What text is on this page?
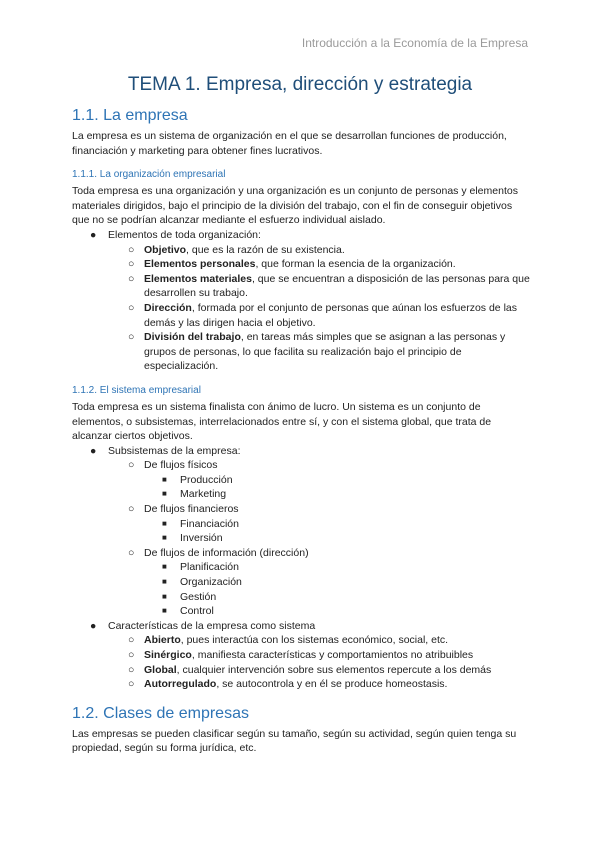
Introducción a la Economía de la Empresa
TEMA 1. Empresa, dirección y estrategia
1.1. La empresa

La empresa es un sistema de organización en el que se desarrollan funciones de producción, financiación y marketing para obtener fines lucrativos.

1.1.1. La organización empresarial

Toda empresa es una organización y una organización es un conjunto de personas y elementos materiales dirigidos, bajo el principio de la división del trabajo, con el fin de conseguir objetivos que no se podrían alcanzar mediante el esfuerzo individual aislado.

● Elementos de toda organización:
○ Objetivo, que es la razón de su existencia.
○ Elementos personales, que forman la esencia de la organización.
○ Elementos materiales, que se encuentran a disposición de las personas para que desarrollen su trabajo.
○ Dirección, formada por el conjunto de personas que aúnan los esfuerzos de las demás y las dirigen hacia el objetivo.
○ División del trabajo, en tareas más simples que se asignan a las personas y grupos de personas, lo que facilita su realización bajo el principio de especialización.
1.1.2. El sistema empresarial

Toda empresa es un sistema finalista con ánimo de lucro. Un sistema es un conjunto de elementos, o subsistemas, interrelacionados entre sí, y con el sistema global, que trata de alcanzar ciertos objetivos.

● Subsistemas de la empresa:
○ De flujos físicos
■ Producción
■ Marketing
○ De flujos financieros
■ Financiación
■ Inversión
○ De flujos de información (dirección)
■ Planificación
■ Organización
■ Gestión
■ Control
● Características de la empresa como sistema
○ Abierto, pues interactúa con los sistemas económico, social, etc.
○ Sinérgico, manifiesta características y comportamientos no atribuibles
○ Global, cualquier intervención sobre sus elementos repercute a los demás
○ Autorregulado, se autocontrola y en él se produce homeostasis.
1.2. Clases de empresas

Las empresas se pueden clasificar según su tamaño, según su actividad, según quien tenga su propiedad, según su forma jurídica, etc.
